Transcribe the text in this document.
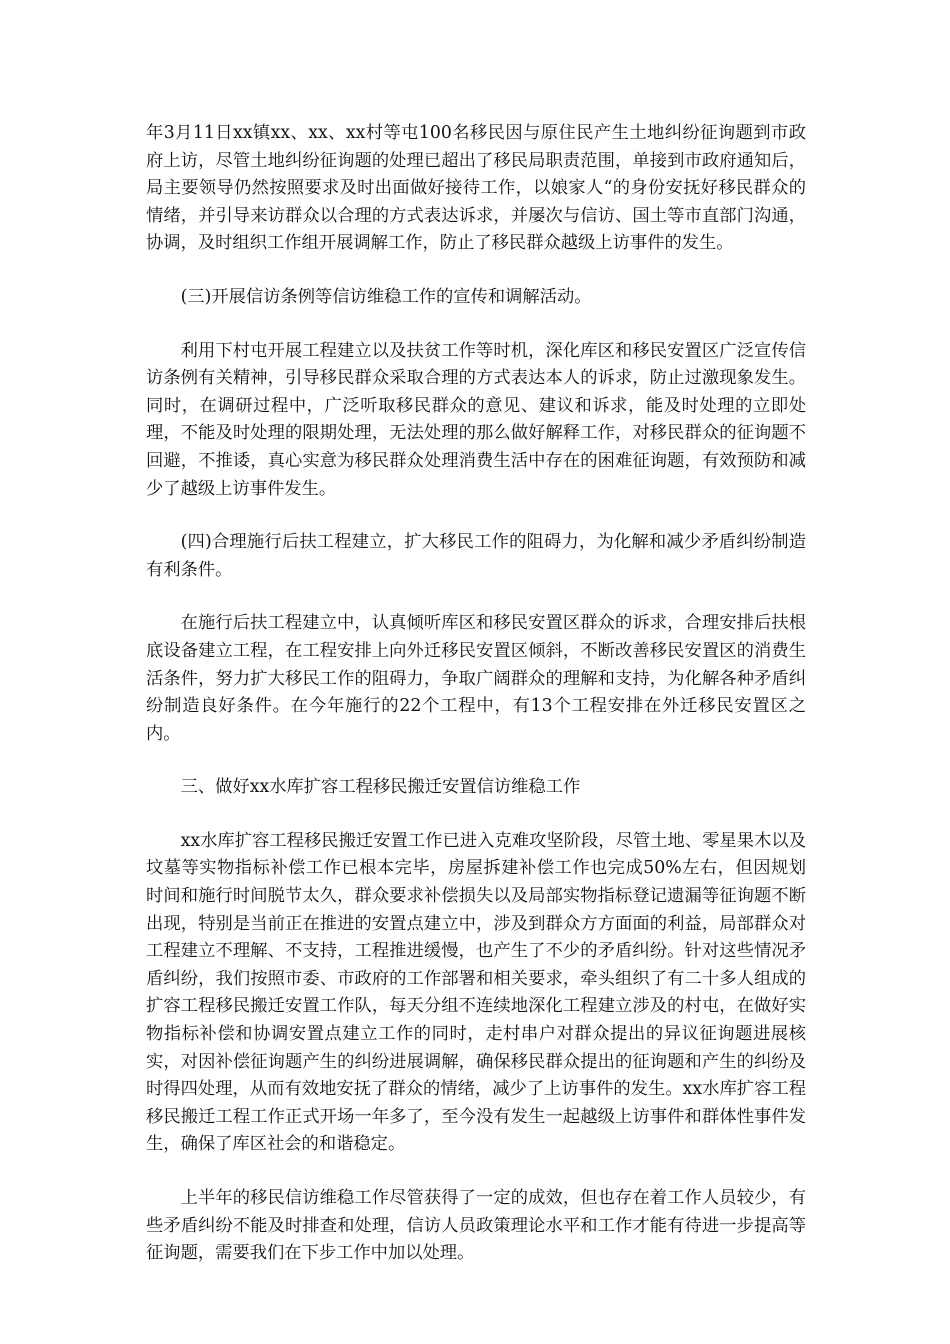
年3月11日xx镇xx、xx、xx村等屯100名移民因与原住民产生土地纠纷征询题到市政府上访，尽管土地纠纷征询题的处理已超出了移民局职责范围，单接到市政府通知后，局主要领导仍然按照要求及时出面做好接待工作，以娘家人“的身份安抚好移民群众的情绪，并引导来访群众以合理的方式表达诉求，并屡次与信访、国土等市直部门沟通，协调，及时组织工作组开展调解工作，防止了移民群众越级上访事件的发生。

(三)开展信访条例等信访维稳工作的宣传和调解活动。

利用下村屯开展工程建立以及扶贫工作等时机，深化库区和移民安置区广泛宣传信访条例有关精神，引导移民群众采取合理的方式表达本人的诉求，防止过激现象发生。同时，在调研过程中，广泛听取移民群众的意见、建议和诉求，能及时处理的立即处理，不能及时处理的限期处理，无法处理的那么做好解释工作，对移民群众的征询题不回避，不推诿，真心实意为移民群众处理消费生活中存在的困难征询题，有效预防和减少了越级上访事件发生。

(四)合理施行后扶工程建立，扩大移民工作的阻碍力，为化解和减少矛盾纠纷制造有利条件。

在施行后扶工程建立中，认真倾听库区和移民安置区群众的诉求，合理安排后扶根底设备建立工程，在工程安排上向外迁移民安置区倾斜，不断改善移民安置区的消费生活条件，努力扩大移民工作的阻碍力，争取广阔群众的理解和支持，为化解各种矛盾纠纷制造良好条件。在今年施行的22个工程中，有13个工程安排在外迁移民安置区之内。

三、做好xx水库扩容工程移民搬迁安置信访维稳工作

xx水库扩容工程移民搬迁安置工作已进入克难攻坚阶段，尽管土地、零星果木以及坟墓等实物指标补偿工作已根本完毕，房屋拆建补偿工作也完成50%左右，但因规划时间和施行时间脱节太久，群众要求补偿损失以及局部实物指标登记遗漏等征询题不断出现，特别是当前正在推进的安置点建立中，涉及到群众方方面面的利益，局部群众对工程建立不理解、不支持，工程推进缓慢，也产生了不少的矛盾纠纷。针对这些情况矛盾纠纷，我们按照市委、市政府的工作部署和相关要求，牵头组织了有二十多人组成的扩容工程移民搬迁安置工作队，每天分组不连续地深化工程建立涉及的村屯，在做好实物指标补偿和协调安置点建立工作的同时，走村串户对群众提出的异议征询题进展核实，对因补偿征询题产生的纠纷进展调解，确保移民群众提出的征询题和产生的纠纷及时得四处理，从而有效地安抚了群众的情绪，减少了上访事件的发生。xx水库扩容工程移民搬迁工程工作正式开场一年多了，至今没有发生一起越级上访事件和群体性事件发生，确保了库区社会的和谐稳定。

上半年的移民信访维稳工作尽管获得了一定的成效，但也存在着工作人员较少，有些矛盾纠纷不能及时排查和处理，信访人员政策理论水平和工作才能有待进一步提高等征询题，需要我们在下步工作中加以处理。
